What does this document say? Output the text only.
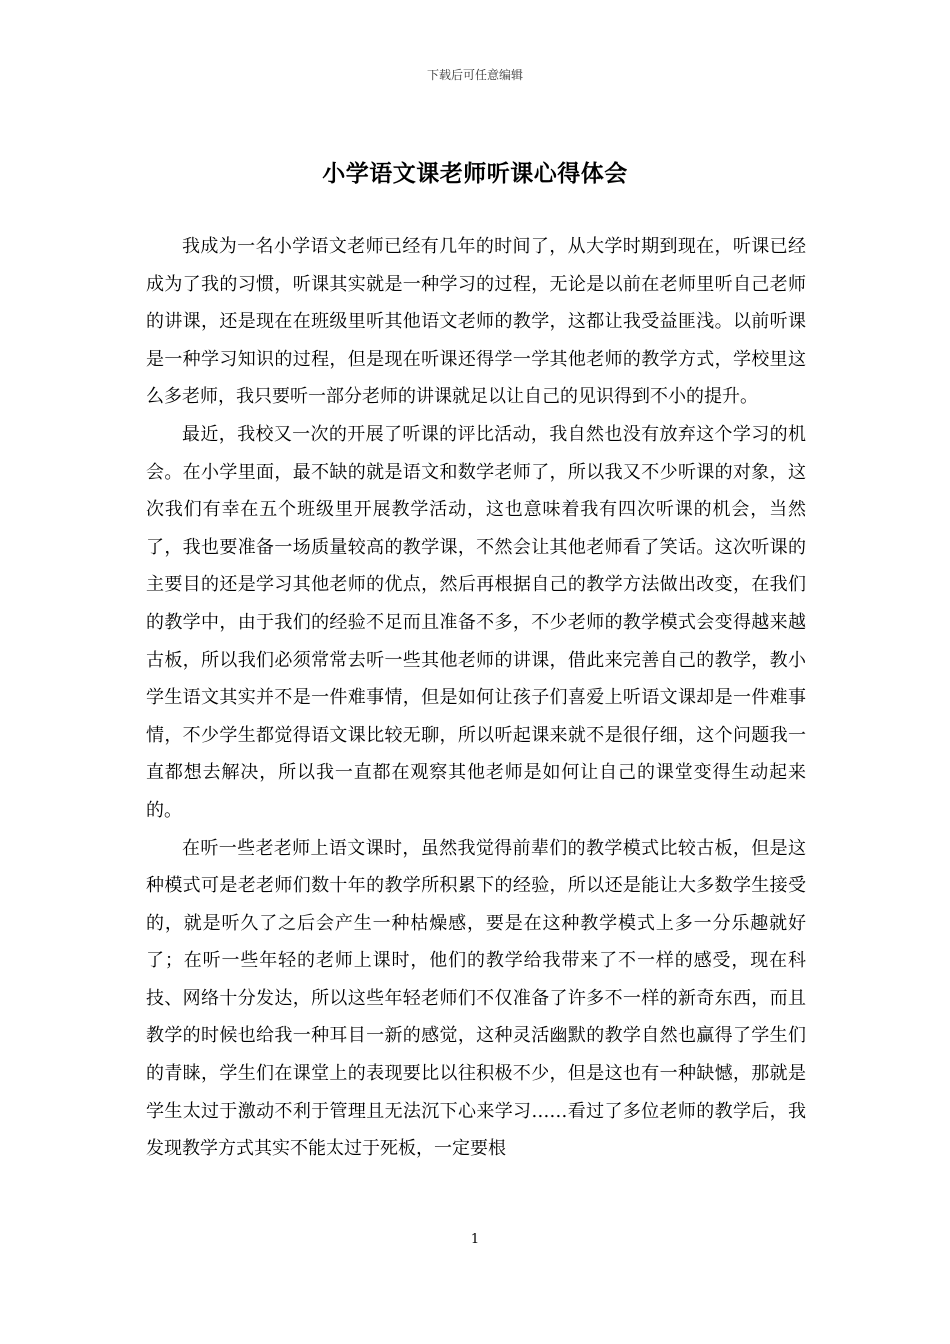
下载后可任意编辑
小学语文课老师听课心得体会

我成为一名小学语文老师已经有几年的时间了，从大学时期到现在，听课已经成为了我的习惯，听课其实就是一种学习的过程，无论是以前在老师里听自己老师的讲课，还是现在在班级里听其他语文老师的教学，这都让我受益匪浅。以前听课是一种学习知识的过程，但是现在听课还得学一学其他老师的教学方式，学校里这么多老师，我只要听一部分老师的讲课就足以让自己的见识得到不小的提升。

最近，我校又一次的开展了听课的评比活动，我自然也没有放弃这个学习的机会。在小学里面，最不缺的就是语文和数学老师了，所以我又不少听课的对象，这次我们有幸在五个班级里开展教学活动，这也意味着我有四次听课的机会，当然了，我也要准备一场质量较高的教学课，不然会让其他老师看了笑话。这次听课的主要目的还是学习其他老师的优点，然后再根据自己的教学方法做出改变，在我们的教学中，由于我们的经验不足而且准备不多，不少老师的教学模式会变得越来越古板，所以我们必须常常去听一些其他老师的讲课，借此来完善自己的教学，教小学生语文其实并不是一件难事情，但是如何让孩子们喜爱上听语文课却是一件难事情，不少学生都觉得语文课比较无聊，所以听起课来就不是很仔细，这个问题我一直都想去解决，所以我一直都在观察其他老师是如何让自己的课堂变得生动起来的。

在听一些老老师上语文课时，虽然我觉得前辈们的教学模式比较古板，但是这种模式可是老老师们数十年的教学所积累下的经验，所以还是能让大多数学生接受的，就是听久了之后会产生一种枯燥感，要是在这种教学模式上多一分乐趣就好了；在听一些年轻的老师上课时，他们的教学给我带来了不一样的感受，现在科技、网络十分发达，所以这些年轻老师们不仅准备了许多不一样的新奇东西，而且教学的时候也给我一种耳目一新的感觉，这种灵活幽默的教学自然也赢得了学生们的青睐，学生们在课堂上的表现要比以往积极不少，但是这也有一种缺憾，那就是学生太过于激动不利于管理且无法沉下心来学习……看过了多位老师的教学后，我发现教学方式其实不能太过于死板，一定要根

1
